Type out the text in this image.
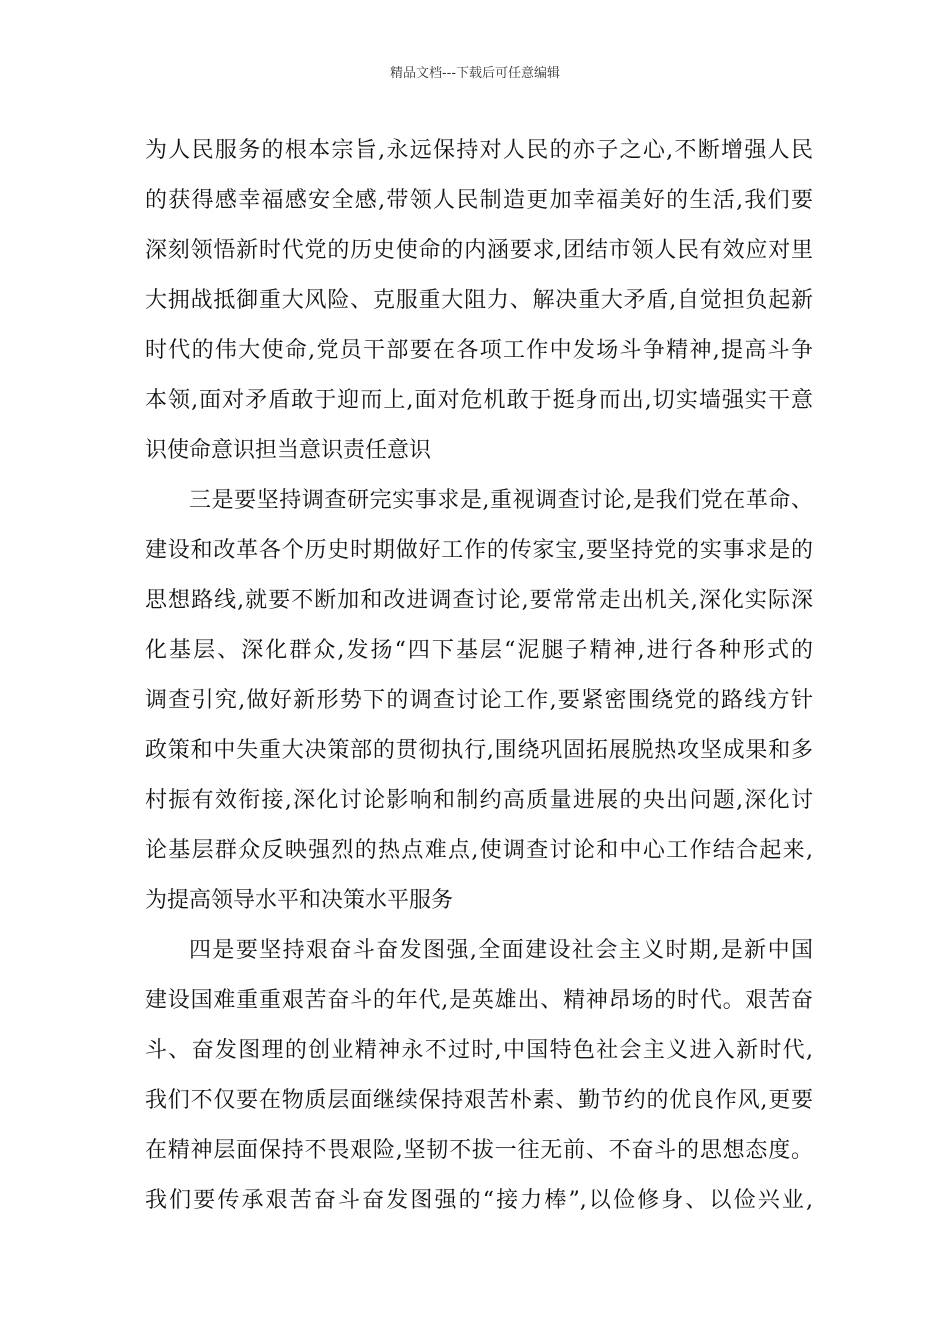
精品文档---下载后可任意编辑
为人民服务的根本宗旨,永远保持对人民的亦子之心,不断增强人民
的获得感幸福感安全感,带领人民制造更加幸福美好的生活,我们要
深刻领悟新时代党的历史使命的内涵要求,团结市领人民有效应对里
大拥战抵御重大风险、克服重大阻力、解决重大矛盾,自觉担负起新
时代的伟大使命,党员干部要在各项工作中发场斗争精神,提高斗争
本领,面对矛盾敢于迎而上,面对危机敢于挺身而出,切实墙强实干意
识使命意识担当意识责任意识
三是要坚持调查研完实事求是,重视调查讨论,是我们党在革命、
建设和改革各个历史时期做好工作的传家宝,要坚持党的实事求是的
思想路线,就要不断加和改进调查讨论,要常常走出机关,深化实际深
化基层、深化群众,发扬“四下基层“泥腿子精神,进行各种形式的
调查引究,做好新形势下的调查讨论工作,要紧密围绕党的路线方针
政策和中失重大决策部的贯彻执行,围绕巩固拓展脱热攻坚成果和多
村振有效衔接,深化讨论影响和制约高质量进展的央出问题,深化讨
论基层群众反映强烈的热点难点,使调查讨论和中心工作结合起来,
为提高领导水平和决策水平服务
四是要坚持艰奋斗奋发图强,全面建设社会主义时期,是新中国
建设国难重重艰苦奋斗的年代,是英雄出、精神昂场的时代。艰苦奋
斗、奋发图理的创业精神永不过时,中国特色社会主义进入新时代,
我们不仅要在物质层面继续保持艰苦朴素、勤节约的优良作风,更要
在精神层面保持不畏艰险,坚韧不拔一往无前、不奋斗的思想态度。
我们要传承艰苦奋斗奋发图强的“接力棒”,以俭修身、以俭兴业,
